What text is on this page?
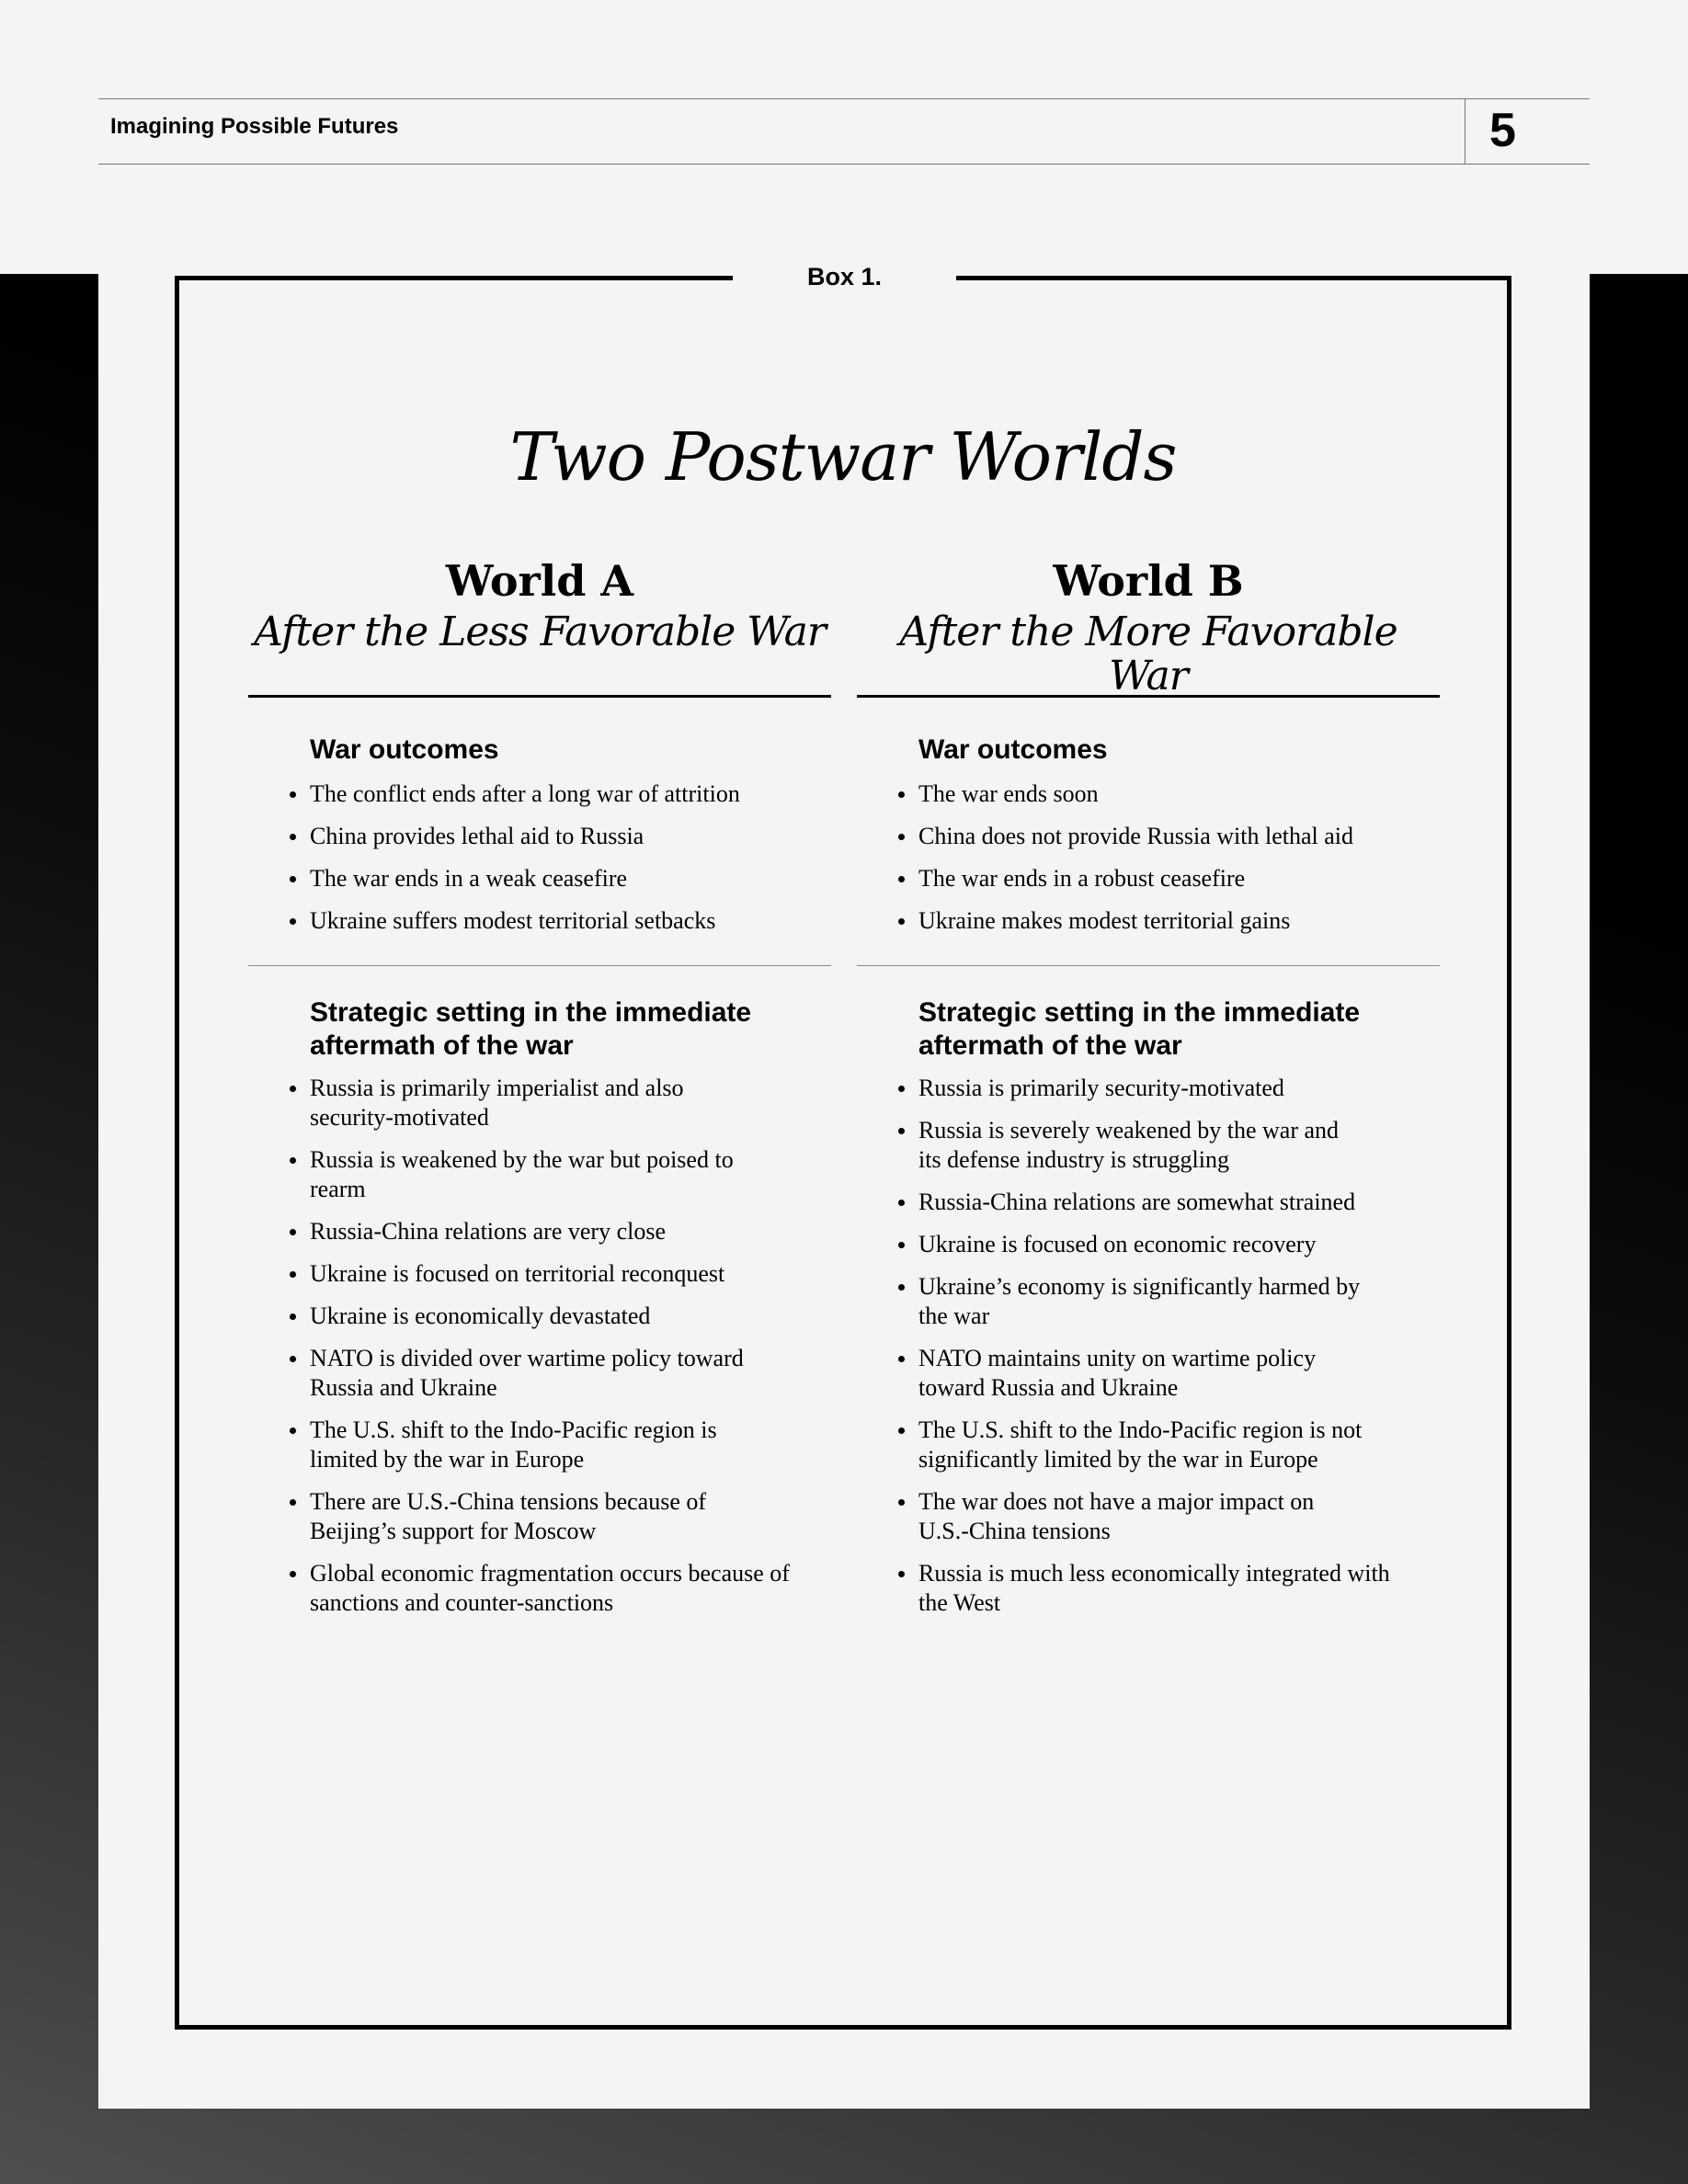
Imagining Possible Futures	5
Box 1.
Two Postwar Worlds

World A

After the Less Favorable War

War outcomes
The conflict ends after a long war of attrition
China provides lethal aid to Russia
The war ends in a weak ceasefire
Ukraine suffers modest territorial setbacks
Strategic setting in the immediate aftermath of the war
Russia is primarily imperialist and also security-motivated
Russia is weakened by the war but poised to rearm
Russia-China relations are very close
Ukraine is focused on territorial reconquest
Ukraine is economically devastated
NATO is divided over wartime policy toward Russia and Ukraine
The U.S. shift to the Indo-Pacific region is limited by the war in Europe
There are U.S.-China tensions because of Beijing’s support for Moscow
Global economic fragmentation occurs because of sanctions and counter-sanctions

World B

After the More Favorable War

War outcomes
The war ends soon
China does not provide Russia with lethal aid
The war ends in a robust ceasefire
Ukraine makes modest territorial gains
Strategic setting in the immediate aftermath of the war
Russia is primarily security-motivated
Russia is severely weakened by the war and its defense industry is struggling
Russia-China relations are somewhat strained
Ukraine is focused on economic recovery
Ukraine’s economy is significantly harmed by the war
NATO maintains unity on wartime policy toward Russia and Ukraine
The U.S. shift to the Indo-Pacific region is not significantly limited by the war in Europe
The war does not have a major impact on U.S.-China tensions
Russia is much less economically integrated with the West
